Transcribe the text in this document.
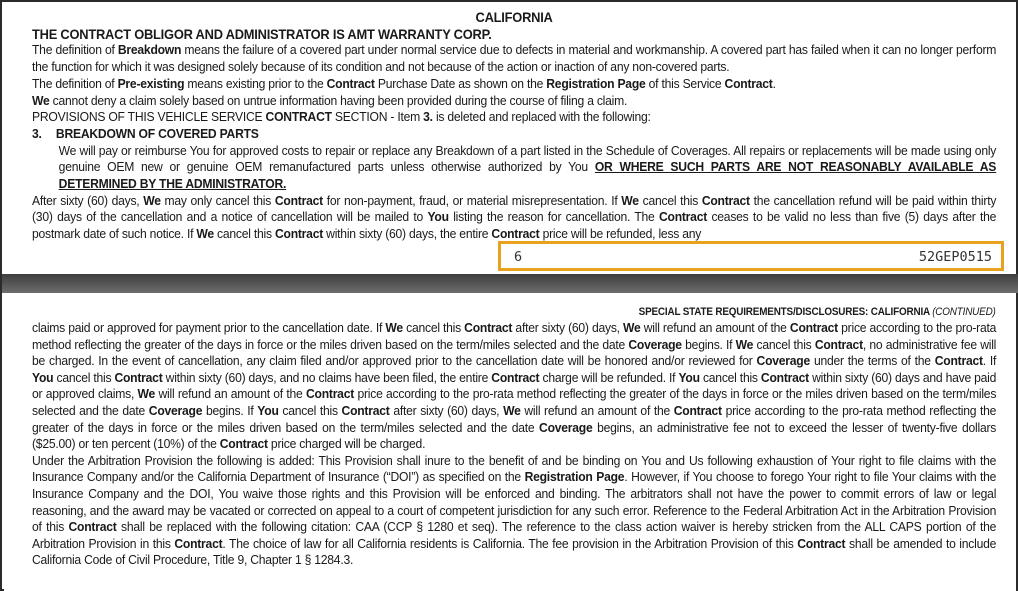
CALIFORNIA

THE CONTRACT OBLIGOR AND ADMINISTRATOR IS AMT WARRANTY CORP.

The definition of Breakdown means the failure of a covered part under normal service due to defects in material and workmanship. A covered part has failed when it can no longer perform the function for which it was designed solely because of its condition and not because of the action or inaction of any non-covered parts.

The definition of Pre-existing means existing prior to the Contract Purchase Date as shown on the Registration Page of this Service Contract.

We cannot deny a claim solely based on untrue information having been provided during the course of filing a claim.

PROVISIONS OF THIS VEHICLE SERVICE CONTRACT SECTION - Item 3. is deleted and replaced with the following:

3. BREAKDOWN OF COVERED PARTS

We will pay or reimburse You for approved costs to repair or replace any Breakdown of a part listed in the Schedule of Coverages. All repairs or replacements will be made using only genuine OEM new or genuine OEM remanufactured parts unless otherwise authorized by You OR WHERE SUCH PARTS ARE NOT REASONABLY AVAILABLE AS DETERMINED BY THE ADMINISTRATOR.

After sixty (60) days, We may only cancel this Contract for non-payment, fraud, or material misrepresentation. If We cancel this Contract the cancellation refund will be paid within thirty (30) days of the cancellation and a notice of cancellation will be mailed to You listing the reason for cancellation. The Contract ceases to be valid no less than five (5) days after the postmark date of such notice. If We cancel this Contract within sixty (60) days, the entire Contract price will be refunded, less any

6	52GEP0515
SPECIAL STATE REQUIREMENTS/DISCLOSURES: CALIFORNIA (CONTINUED)

claims paid or approved for payment prior to the cancellation date. If We cancel this Contract after sixty (60) days, We will refund an amount of the Contract price according to the pro-rata method reflecting the greater of the days in force or the miles driven based on the term/miles selected and the date Coverage begins. If We cancel this Contract, no administrative fee will be charged. In the event of cancellation, any claim filed and/or approved prior to the cancellation date will be honored and/or reviewed for Coverage under the terms of the Contract. If You cancel this Contract within sixty (60) days, and no claims have been filed, the entire Contract charge will be refunded. If You cancel this Contract within sixty (60) days and have paid or approved claims, We will refund an amount of the Contract price according to the pro-rata method reflecting the greater of the days in force or the miles driven based on the term/miles selected and the date Coverage begins. If You cancel this Contract after sixty (60) days, We will refund an amount of the Contract price according to the pro-rata method reflecting the greater of the days in force or the miles driven based on the term/miles selected and the date Coverage begins, an administrative fee not to exceed the lesser of twenty-five dollars ($25.00) or ten percent (10%) of the Contract price charged will be charged.

Under the Arbitration Provision the following is added: This Provision shall inure to the benefit of and be binding on You and Us following exhaustion of Your right to file claims with the Insurance Company and/or the California Department of Insurance (“DOI”) as specified on the Registration Page. However, if You choose to forego Your right to file Your claims with the Insurance Company and the DOI, You waive those rights and this Provision will be enforced and binding. The arbitrators shall not have the power to commit errors of law or legal reasoning, and the award may be vacated or corrected on appeal to a court of competent jurisdiction for any such error. Reference to the Federal Arbitration Act in the Arbitration Provision of this Contract shall be replaced with the following citation: CAA (CCP § 1280 et seq). The reference to the class action waiver is hereby stricken from the ALL CAPS portion of the Arbitration Provision in this Contract. The choice of law for all California residents is California. The fee provision in the Arbitration Provision of this Contract shall be amended to include California Code of Civil Procedure, Title 9, Chapter 1 § 1284.3.
